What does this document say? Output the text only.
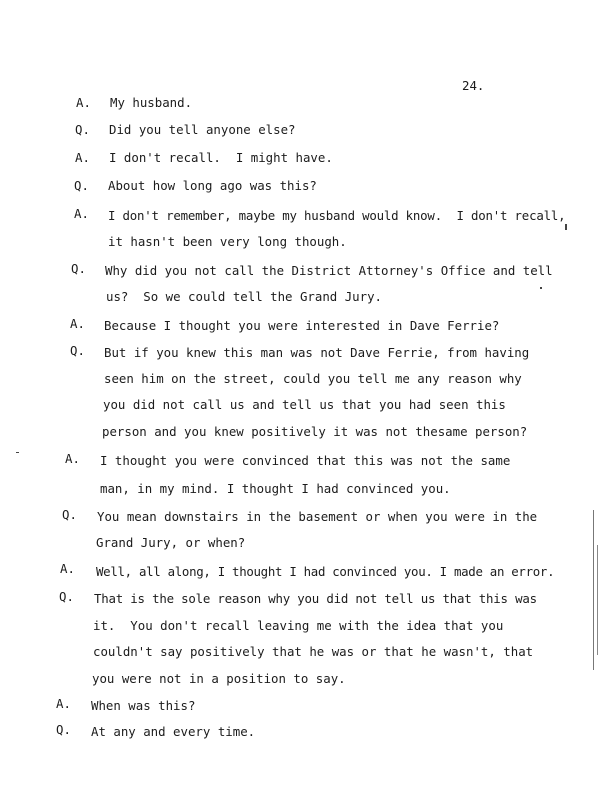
24.
A. My husband.
Q. Did you tell anyone else?
A. I don't recall.  I might have.
Q. About how long ago was this?
A. I don't remember, maybe my husband would know.  I don't recall,
it hasn't been very long though.
Q. Why did you not call the District Attorney's Office and tell
us?  So we could tell the Grand Jury.
A. Because I thought you were interested in Dave Ferrie?
Q. But if you knew this man was not Dave Ferrie, from having
seen him on the street, could you tell me any reason why
you did not call us and tell us that you had seen this
person and you knew positively it was not thesame person?
A. I thought you were convinced that this was not the same
man, in my mind. I thought I had convinced you.
Q. You mean downstairs in the basement or when you were in the
Grand Jury, or when?
A. Well, all along, I thought I had convinced you. I made an error.
Q. That is the sole reason why you did not tell us that this was
it.  You don't recall leaving me with the idea that you
couldn't say positively that he was or that he wasn't, that
you were not in a position to say.
A. When was this?
Q. At any and every time.
